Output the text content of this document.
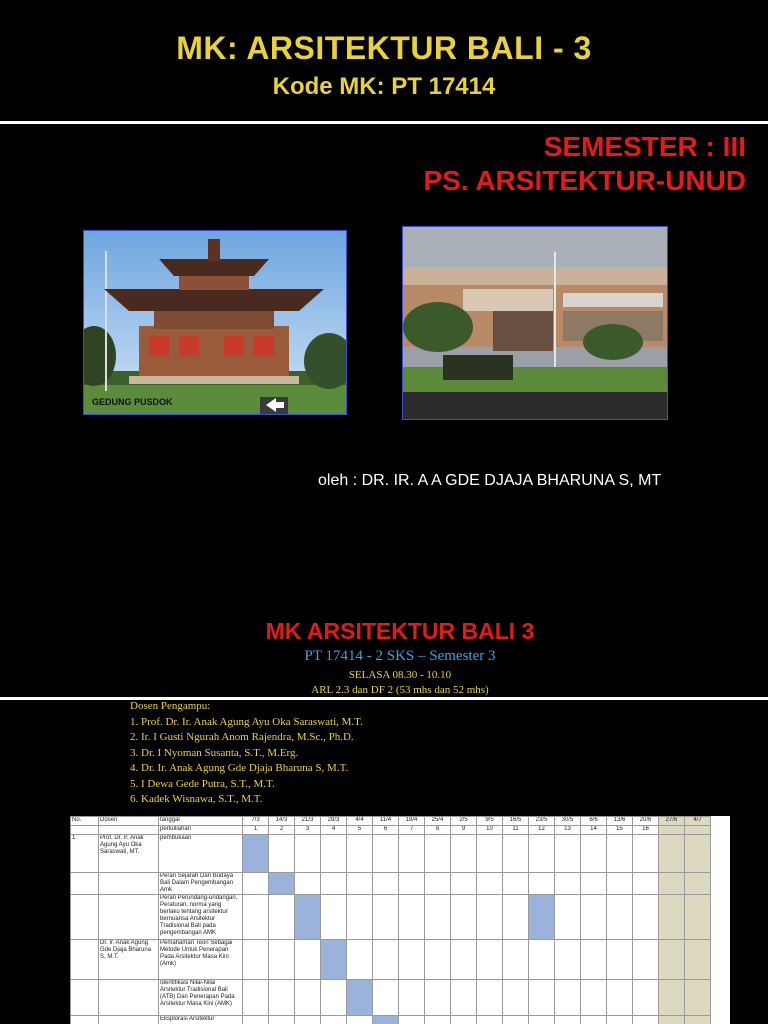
MK: ARSITEKTUR BALI - 3
Kode MK: PT 17414
SEMESTER : III
PS. ARSITEKTUR-UNUD
GEDUNG PUSDOK
oleh : DR. IR. A A GDE DJAJA BHARUNA S, MT
MK ARSITEKTUR BALI 3
PT 17414 - 2 SKS – Semester 3
SELASA 08.30 - 10.10
ARL 2.3 dan DF 2 (53 mhs dan 52 mhs)
Dosen Pengampu:
1. Prof. Dr. Ir. Anak Agung Ayu Oka Saraswati, M.T.
2. Ir. I Gusti Ngurah Anom Rajendra, M.Sc., Ph.D.
3. Dr. I Nyoman Susanta, S.T., M.Erg.
4. Dr. Ir. Anak Agung Gde Djaja Bharuna S, M.T.
5. I Dewa Gede Putra, S.T., M.T.
6. Kadek Wisnawa, S.T., M.T.
No.	Dosen	tanggal	7/3	14/3	21/3	28/3	4/4	11/4	18/4	25/4	2/5	9/5	16/5	23/5	30/5	6/6	13/6	20/6	27/6	4/7
		perkuliahan	1	2	3	4	5	6	7	8	9	10	11	12	13	14	15	16		
1	Prof. Dr. Ir. Anak Agung Ayu Oka Saraswati, MT.	pembukaan																		
		Peran Sejarah Dan Budaya Bali Dalam Pengembangan Amk																		
		Peran Perundang-undangan, Peraturan, norma yang berlaku tentang arsitektur bernuansa Arsitektur Tradisional Bali pada pengembangan AMK																		
	Dr. Ir. Anak Agung Gde Djaja Bharuna S, M.T.	Pemahaman Teori Sebagai Metode Untuk Penerapan Pada Arsitektur Masa Kini (Amk)																		
		Identifikasi Nilai-Nilai Arsitektur Tradisional Bali (ATB) Dan Penerapan Pada Arsitektur Masa Kini (AMK)																		
		Eksplorasi Arsitektur																		
